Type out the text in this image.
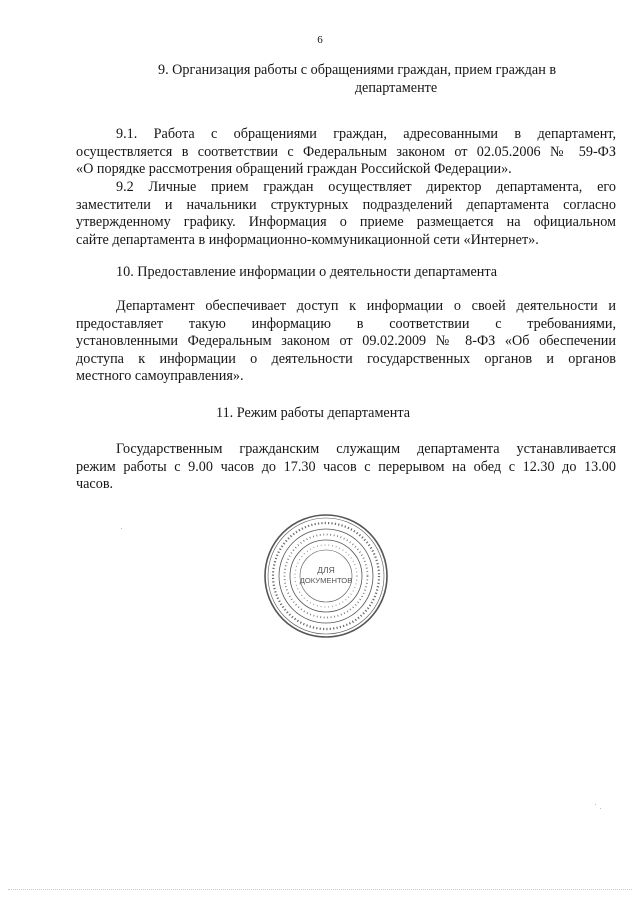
6
9. Организация работы с обращениями граждан, прием граждан в
департаменте

9.1. Работа с обращениями граждан, адресованными в департамент,
осуществляется в соответствии с Федеральным законом от 02.05.2006 № 59-ФЗ
«О порядке рассмотрения обращений граждан Российской Федерации».

9.2 Личные прием граждан осуществляет директор департамента, его
заместители и начальники структурных подразделений департамента согласно
утвержденному графику. Информация о приеме размещается на официальном
сайте департамента в информационно-коммуникационной сети «Интернет».

10. Предоставление информации о деятельности департамента

Департамент обеспечивает доступ к информации о своей деятельности и
предоставляет такую информацию в соответствии с требованиями,
установленными Федеральным законом от 09.02.2009 № 8-ФЗ «Об обеспечении
доступа к информации о деятельности государственных органов и органов
местного самоуправления».

11. Режим работы департамента

Государственным гражданским служащим департамента устанавливается
режим работы с 9.00 часов до 17.30 часов с перерывом на обед с 12.30 до 13.00
часов.

ДЛЯ
ДОКУМЕНТОВ
